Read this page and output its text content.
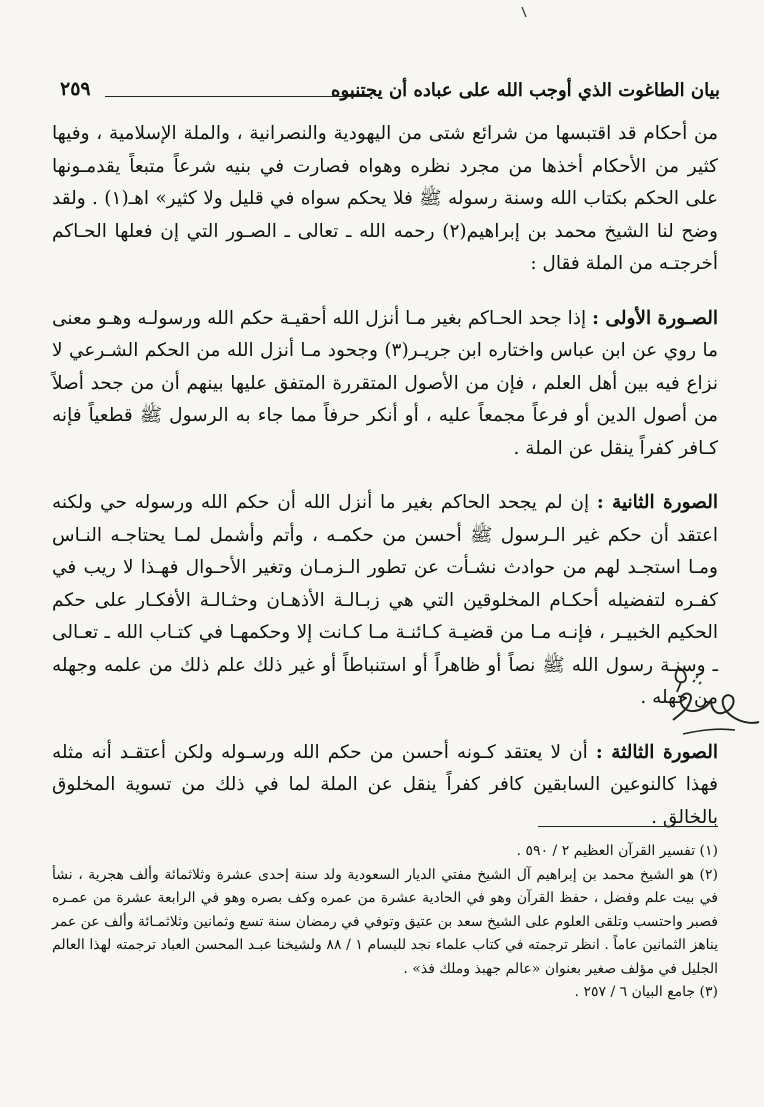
بيان الطاغوت الذي أوجب الله على عباده أن يجتنبوه
٢٥٩

من أحكام قد اقتبسها من شرائع شتى من اليهودية والنصرانية ، والملة الإسلامية ، وفيها كثير من الأحكام أخذها من مجرد نظره وهواه فصارت في بنيه شرعاً متبعاً يقدمـونها على الحكم بكتاب الله وسنة رسوله ﷺ فلا يحكم سواه في قليل ولا كثير» اهـ(١) . ولقد وضح لنا الشيخ محمد بن إبراهيم(٢) رحمه الله ـ تعالى ـ الصـور التي إن فعلها الحـاكم أخرجتـه من الملة فقال :

الصـورة الأولى : إذا جحد الحـاكم بغير مـا أنزل الله أحقيـة حكم الله ورسولـه وهـو معنى ما روي عن ابن عباس واختاره ابن جريـر(٣) وجحود مـا أنزل الله من الحكم الشـرعي لا نزاع فيه بين أهل العلم ، فإن من الأصول المتقررة المتفق عليها بينهم أن من جحد أصلاً من أصول الدين أو فرعاً مجمعاً عليه ، أو أنكر حرفاً مما جاء به الرسول ﷺ قطعياً فإنه كـافر كفراً ينقل عن الملة .

الصورة الثانية : إن لم يجحد الحاكم بغير ما أنزل الله أن حكم الله ورسوله حي ولكنه اعتقد أن حكم غير الـرسول ﷺ أحسن من حكمـه ، وأتم وأشمل لمـا يحتاجـه النـاس ومـا استجـد لهم من حوادث نشـأت عن تطور الـزمـان وتغير الأحـوال فهـذا لا ريب في كفـره لتفضيله أحكـام المخلوقين التي هي زبـالـة الأذهـان وحثـالـة الأفكـار على حكم الحكيم الخبيـر ، فإنـه مـا من قضيـة كـائنـة مـا كـانت إلا وحكمهـا في كتـاب الله ـ تعـالى ـ وسنـة رسول الله ﷺ نصاً أو ظاهراً أو استنباطاً أو غير ذلك علم ذلك من علمه وجهله من جهله .

الصورة الثالثة : أن لا يعتقد كـونه أحسن من حكم الله ورسـوله ولكن أعتقـد أنه مثله فهذا كالنوعين السابقين كافر كفراً ينقل عن الملة لما في ذلك من تسوية المخلوق بالخالق .

(١) تفسير القرآن العظيم ٢ / ٥٩٠ .

(٢) هو الشيخ محمد بن إبراهيم آل الشيخ مفتي الديار السعودية ولد سنة إحدى عشرة وثلاثمائة وألف هجرية ، نشأ في بيت علم وفضل ، حفظ القرآن وهو في الحادية عشرة من عمره وكف بصره وهو في الرابعة عشرة من عمـره فصبر واحتسب وتلقى العلوم على الشيخ سعد بن عتيق وتوفي في رمضان سنة تسع وثمانين وثلاثمـائة وألف عن عمر يناهز الثمانين عاماً . انظر ترجمته في كتاب علماء نجد للبسام ١ / ٨٨ ولشيخنا عبـد المحسن العباد ترجمته لهذا العالم الجليل في مؤلف صغير بعنوان «عالم جهبذ وملك فذ» .

(٣) جامع البيان ٦ / ٢٥٧ .
